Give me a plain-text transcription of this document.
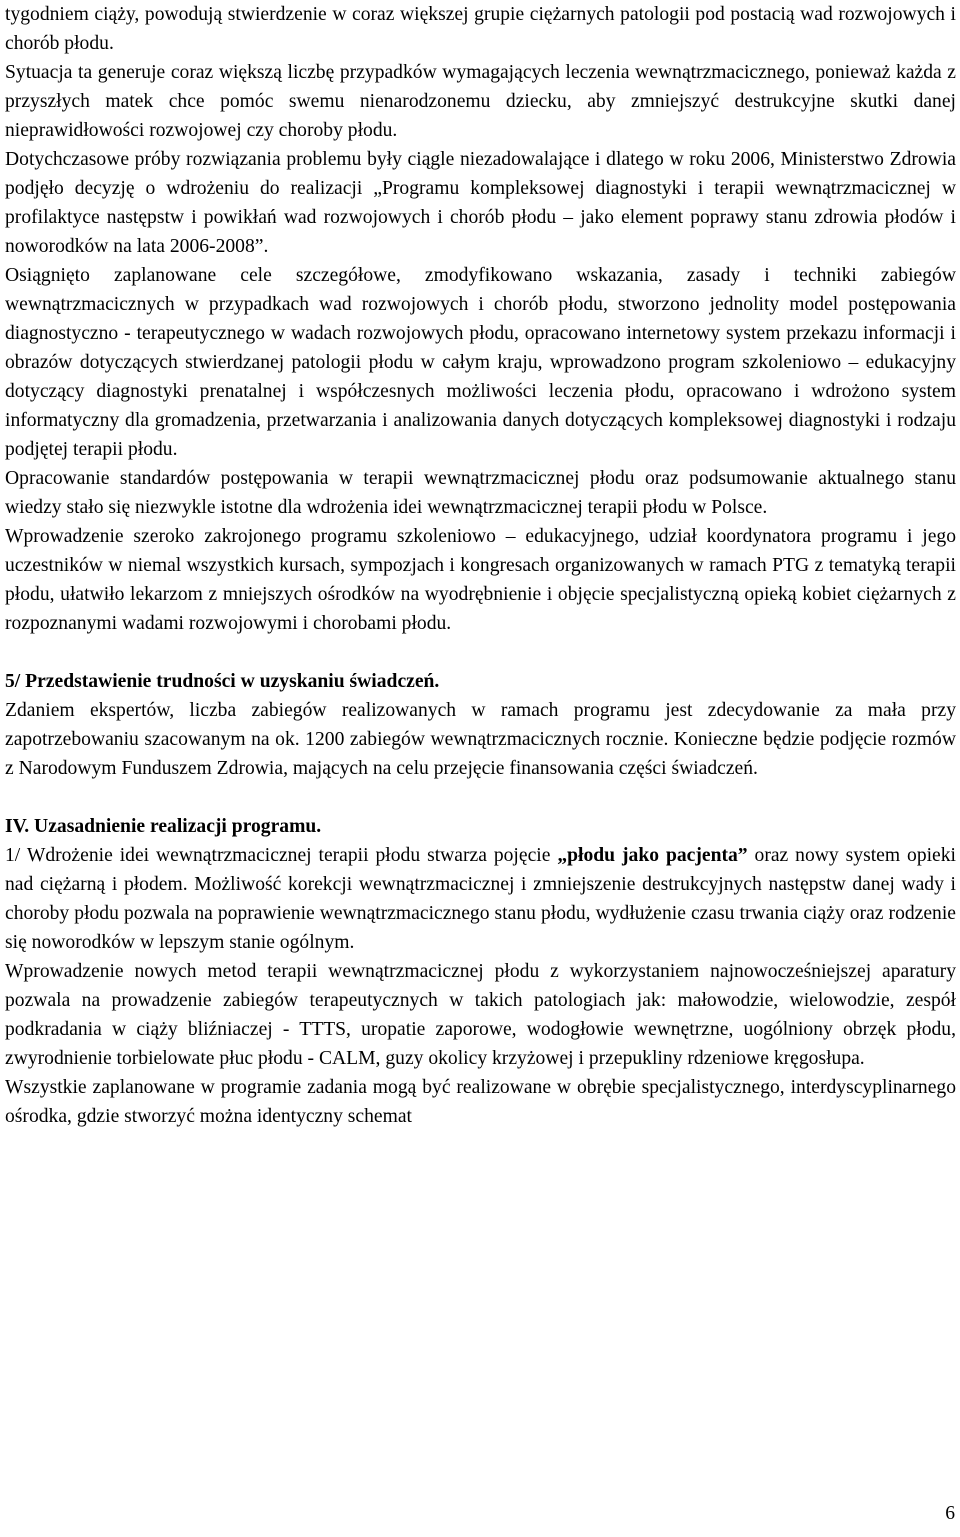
tygodniem ciąży, powodują stwierdzenie w coraz większej grupie ciężarnych patologii pod postacią wad rozwojowych i chorób płodu.

Sytuacja ta generuje coraz większą liczbę przypadków wymagających leczenia wewnątrzmacicznego, ponieważ każda z przyszłych matek chce pomóc swemu nienarodzonemu dziecku, aby zmniejszyć destrukcyjne skutki danej nieprawidłowości rozwojowej czy choroby płodu.

Dotychczasowe próby rozwiązania problemu były ciągle niezadowalające i dlatego w roku 2006, Ministerstwo Zdrowia podjęło decyzję o wdrożeniu do realizacji „Programu kompleksowej diagnostyki i terapii wewnątrzmacicznej w profilaktyce następstw i powikłań wad rozwojowych i chorób płodu – jako element poprawy stanu zdrowia płodów i noworodków na lata 2006-2008”.

Osiągnięto zaplanowane cele szczegółowe, zmodyfikowano wskazania, zasady i techniki zabiegów wewnątrzmacicznych w przypadkach wad rozwojowych i chorób płodu, stworzono jednolity model postępowania diagnostyczno - terapeutycznego w wadach rozwojowych płodu, opracowano internetowy system przekazu informacji i obrazów dotyczących stwierdzanej patologii płodu w całym kraju, wprowadzono program szkoleniowo – edukacyjny dotyczący diagnostyki prenatalnej i współczesnych możliwości leczenia płodu, opracowano i wdrożono system informatyczny dla gromadzenia, przetwarzania i analizowania danych dotyczących kompleksowej diagnostyki i rodzaju podjętej terapii płodu.

Opracowanie standardów postępowania w terapii wewnątrzmacicznej płodu oraz podsumowanie aktualnego stanu wiedzy stało się niezwykle istotne dla wdrożenia idei wewnątrzmacicznej terapii płodu w Polsce.

Wprowadzenie szeroko zakrojonego programu szkoleniowo – edukacyjnego, udział koordynatora programu i jego uczestników w niemal wszystkich kursach, sympozjach i kongresach organizowanych w ramach PTG z tematyką terapii płodu, ułatwiło lekarzom z mniejszych ośrodków na wyodrębnienie i objęcie specjalistyczną opieką kobiet ciężarnych z rozpoznanymi wadami rozwojowymi i chorobami płodu.

5/ Przedstawienie trudności w uzyskaniu świadczeń.

Zdaniem ekspertów, liczba zabiegów realizowanych w ramach programu jest zdecydowanie za mała przy zapotrzebowaniu szacowanym na ok. 1200 zabiegów wewnątrzmacicznych rocznie. Konieczne będzie podjęcie rozmów z Narodowym Funduszem Zdrowia, mających na celu przejęcie finansowania części świadczeń.

IV. Uzasadnienie realizacji programu.

1/ Wdrożenie idei wewnątrzmacicznej terapii płodu stwarza pojęcie „płodu jako pacjenta” oraz nowy system opieki nad ciężarną i płodem. Możliwość korekcji wewnątrzmacicznej i zmniejszenie destrukcyjnych następstw danej wady i choroby płodu pozwala na poprawienie wewnątrzmacicznego stanu płodu, wydłużenie czasu trwania ciąży oraz rodzenie się noworodków w lepszym stanie ogólnym.

Wprowadzenie nowych metod terapii wewnątrzmacicznej płodu z wykorzystaniem najnowocześniejszej aparatury pozwala na prowadzenie zabiegów terapeutycznych w takich patologiach jak: małowodzie, wielowodzie, zespół podkradania w ciąży bliźniaczej - TTTS, uropatie zaporowe, wodogłowie wewnętrzne, uogólniony obrzęk płodu, zwyrodnienie torbielowate płuc płodu - CALM, guzy okolicy krzyżowej i przepukliny rdzeniowe kręgosłupa.

Wszystkie zaplanowane w programie zadania mogą być realizowane w obrębie specjalistycznego, interdyscyplinarnego ośrodka, gdzie stworzyć można identyczny schemat

6
